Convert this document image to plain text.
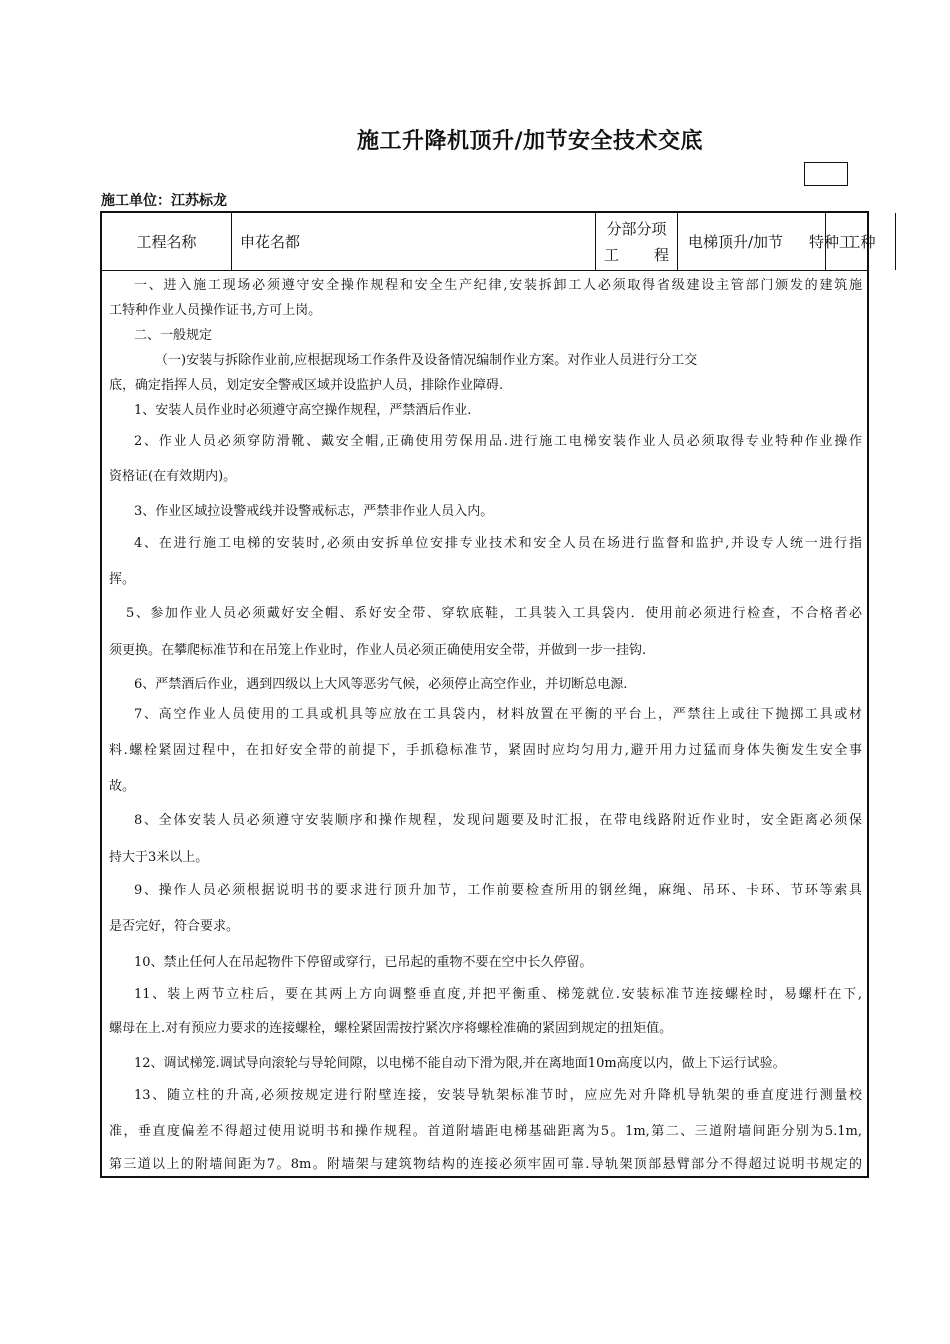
施工升降机顶升/加节安全技术交底
施工单位：江苏标龙
工程名称	申花名都
分部分项
工 程
电梯顶升/加节	工种
特种工
一、进入施工现场必须遵守安全操作规程和安全生产纪律,安装拆卸工人必须取得省级建设主管部门颁发的建筑施
工特种作业人员操作证书,方可上岗。
二、一般规定
（一)安装与拆除作业前,应根据现场工作条件及设备情况编制作业方案。对作业人员进行分工交
底，确定指挥人员，划定安全警戒区域并设监护人员，排除作业障碍.
1、安装人员作业时必须遵守高空操作规程，严禁酒后作业.
2、作业人员必须穿防滑靴、戴安全帽,正确使用劳保用品.进行施工电梯安装作业人员必须取得专业特种作业操作
资格证(在有效期内)。
3、作业区域拉设警戒线并设警戒标志，严禁非作业人员入内。
4、在进行施工电梯的安装时,必须由安拆单位安排专业技术和安全人员在场进行监督和监护,并设专人统一进行指
挥。
5、参加作业人员必须戴好安全帽、系好安全带、穿软底鞋，工具装入工具袋内．使用前必须进行检查，不合格者必
须更换。在攀爬标准节和在吊笼上作业时，作业人员必须正确使用安全带，并做到一步一挂钩.
6、严禁酒后作业，遇到四级以上大风等恶劣气候，必须停止高空作业，并切断总电源.
7、高空作业人员使用的工具或机具等应放在工具袋内，材料放置在平衡的平台上，严禁往上或往下抛掷工具或材
料.螺栓紧固过程中，在扣好安全带的前提下，手抓稳标准节，紧固时应均匀用力,避开用力过猛而身体失衡发生安全事
故。
8、全体安装人员必须遵守安装顺序和操作规程，发现问题要及时汇报，在带电线路附近作业时，安全距离必须保
持大于3米以上。
9、操作人员必须根据说明书的要求进行顶升加节，工作前要检查所用的钢丝绳，麻绳、吊环、卡环、节环等索具
是否完好，符合要求。
10、禁止任何人在吊起物件下停留或穿行，已吊起的重物不要在空中长久停留。
11、装上两节立柱后，要在其两上方向调整垂直度,并把平衡重、梯笼就位.安装标准节连接螺栓时，易螺杆在下,
螺母在上.对有预应力要求的连接螺栓，螺栓紧固需按拧紧次序将螺栓准确的紧固到规定的扭矩值。
12、调试梯笼.调试导向滚轮与导轮间隙，以电梯不能自动下滑为限,并在离地面10m高度以内，做上下运行试验。
13、随立柱的升高,必须按规定进行附壁连接，安装导轨架标准节时，应应先对升降机导轨架的垂直度进行测量校
准，垂直度偏差不得超过使用说明书和操作规程。首道附墙距电梯基础距离为5。1m,第二、三道附墙间距分别为5.1m,
第三道以上的附墙间距为7。8m。附墙架与建筑物结构的连接必须牢固可靠.导轨架顶部悬臂部分不得超过说明书规定的
